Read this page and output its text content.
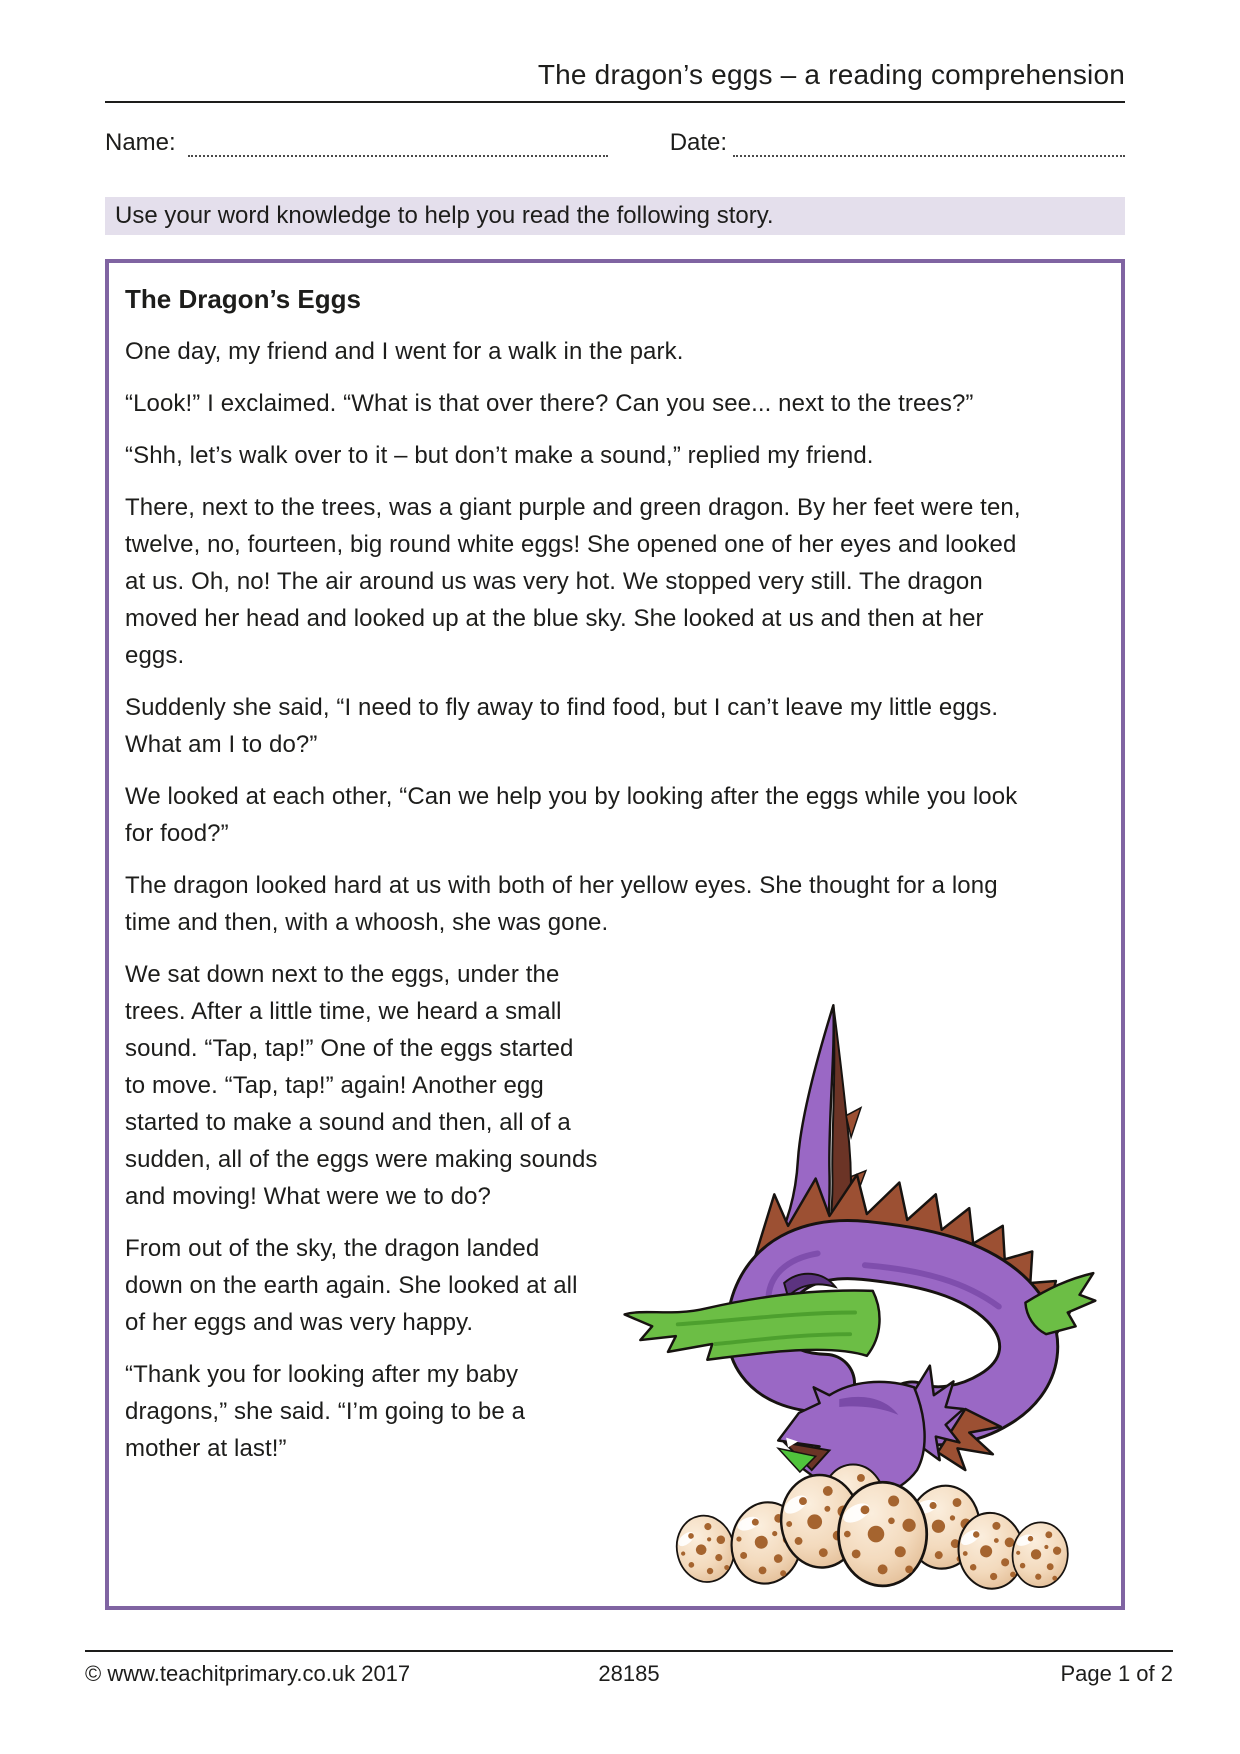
The dragon’s eggs – a reading comprehension
Name:	Date:
Use your word knowledge to help you read the following story.
The Dragon’s Eggs

One day, my friend and I went for a walk in the park.

“Look!” I exclaimed. “What is that over there? Can you see... next to the trees?”

“Shh, let’s walk over to it – but don’t make a sound,” replied my friend.

There, next to the trees, was a giant purple and green dragon. By her feet were ten, twelve, no, fourteen, big round white eggs! She opened one of her eyes and looked at us. Oh, no! The air around us was very hot. We stopped very still. The dragon moved her head and looked up at the blue sky. She looked at us and then at her eggs.

Suddenly she said, “I need to fly away to find food, but I can’t leave my little eggs. What am I to do?”

We looked at each other, “Can we help you by looking after the eggs while you look for food?”

The dragon looked hard at us with both of her yellow eyes. She thought for a long time and then, with a whoosh, she was gone.

We sat down next to the eggs, under the trees. After a little time, we heard a small sound. “Tap, tap!” One of the eggs started to move. “Tap, tap!” again! Another egg started to make a sound and then, all of a sudden, all of the eggs were making sounds and moving! What were we to do?

From out of the sky, the dragon landed down on the earth again. She looked at all of her eggs and was very happy.

“Thank you for looking after my baby dragons,” she said. “I’m going to be a mother at last!”

© www.teachitprimary.co.uk 2017	28185	Page 1 of 2
